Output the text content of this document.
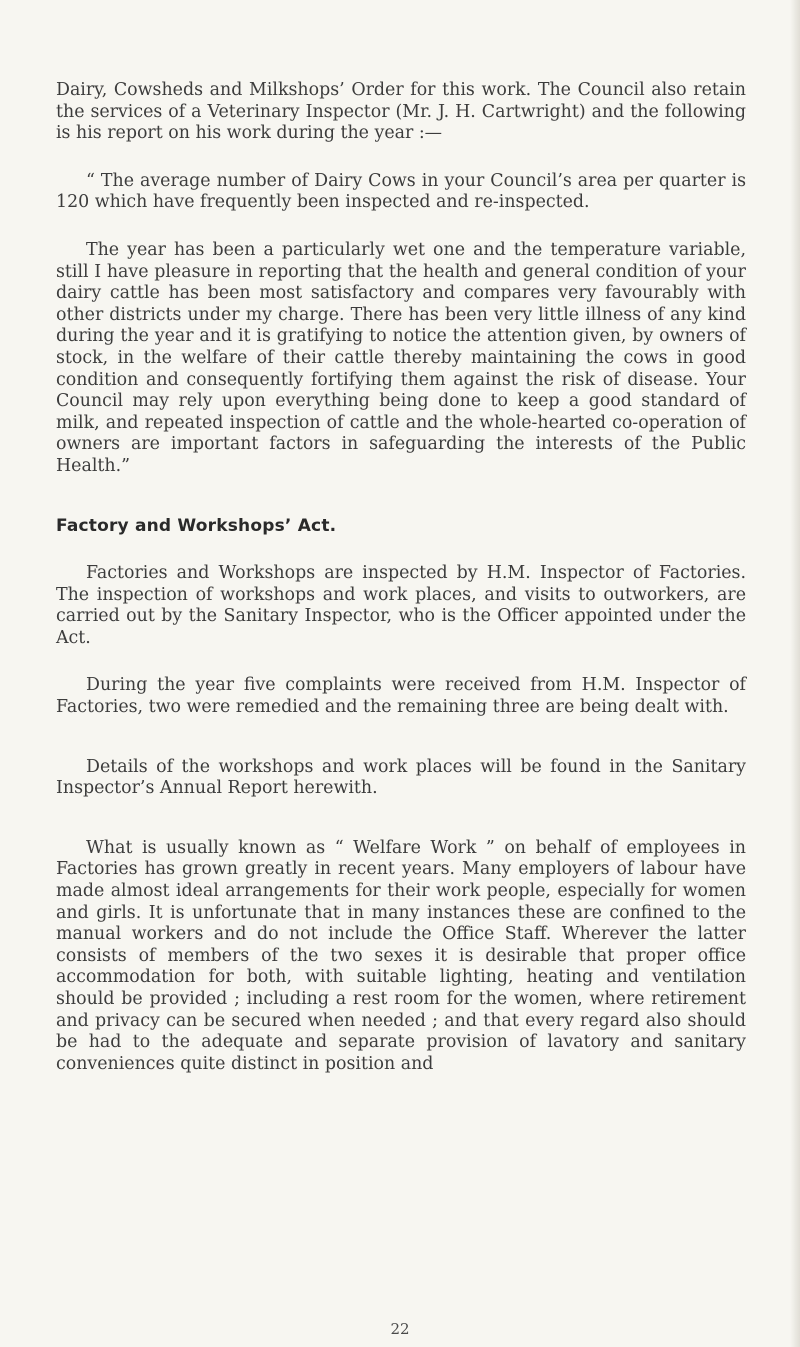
Dairy, Cowsheds and Milkshops’ Order for this work. The Council also retain the services of a Veterinary Inspector (Mr. J. H. Cartwright) and the following is his report on his work during the year :—

“ The average number of Dairy Cows in your Council’s area per quarter is 120 which have frequently been inspected and re-inspected.

The year has been a particularly wet one and the temperature variable, still I have pleasure in reporting that the health and general condition of your dairy cattle has been most satisfactory and compares very favourably with other districts under my charge. There has been very little illness of any kind during the year and it is gratifying to notice the attention given, by owners of stock, in the welfare of their cattle thereby maintaining the cows in good condition and consequently fortifying them against the risk of disease. Your Council may rely upon everything being done to keep a good standard of milk, and repeated inspection of cattle and the whole-hearted co-operation of owners are important factors in safeguarding the interests of the Public Health.”

Factory and Workshops’ Act.

Factories and Workshops are inspected by H.M. Inspector of Factories. The inspection of workshops and work places, and visits to outworkers, are carried out by the Sanitary Inspector, who is the Officer appointed under the Act.

During the year five complaints were received from H.M. Inspector of Factories, two were remedied and the remaining three are being dealt with.

Details of the workshops and work places will be found in the Sanitary Inspector’s Annual Report herewith.

What is usually known as “ Welfare Work ” on behalf of employees in Factories has grown greatly in recent years. Many employers of labour have made almost ideal arrangements for their work people, especially for women and girls. It is unfortunate that in many instances these are confined to the manual workers and do not include the Office Staff. Wherever the latter consists of members of the two sexes it is desirable that proper office accommodation for both, with suitable lighting, heating and ventilation should be provided ; including a rest room for the women, where retirement and privacy can be secured when needed ; and that every regard also should be had to the adequate and separate provision of lavatory and sanitary conveniences quite distinct in position and

22
